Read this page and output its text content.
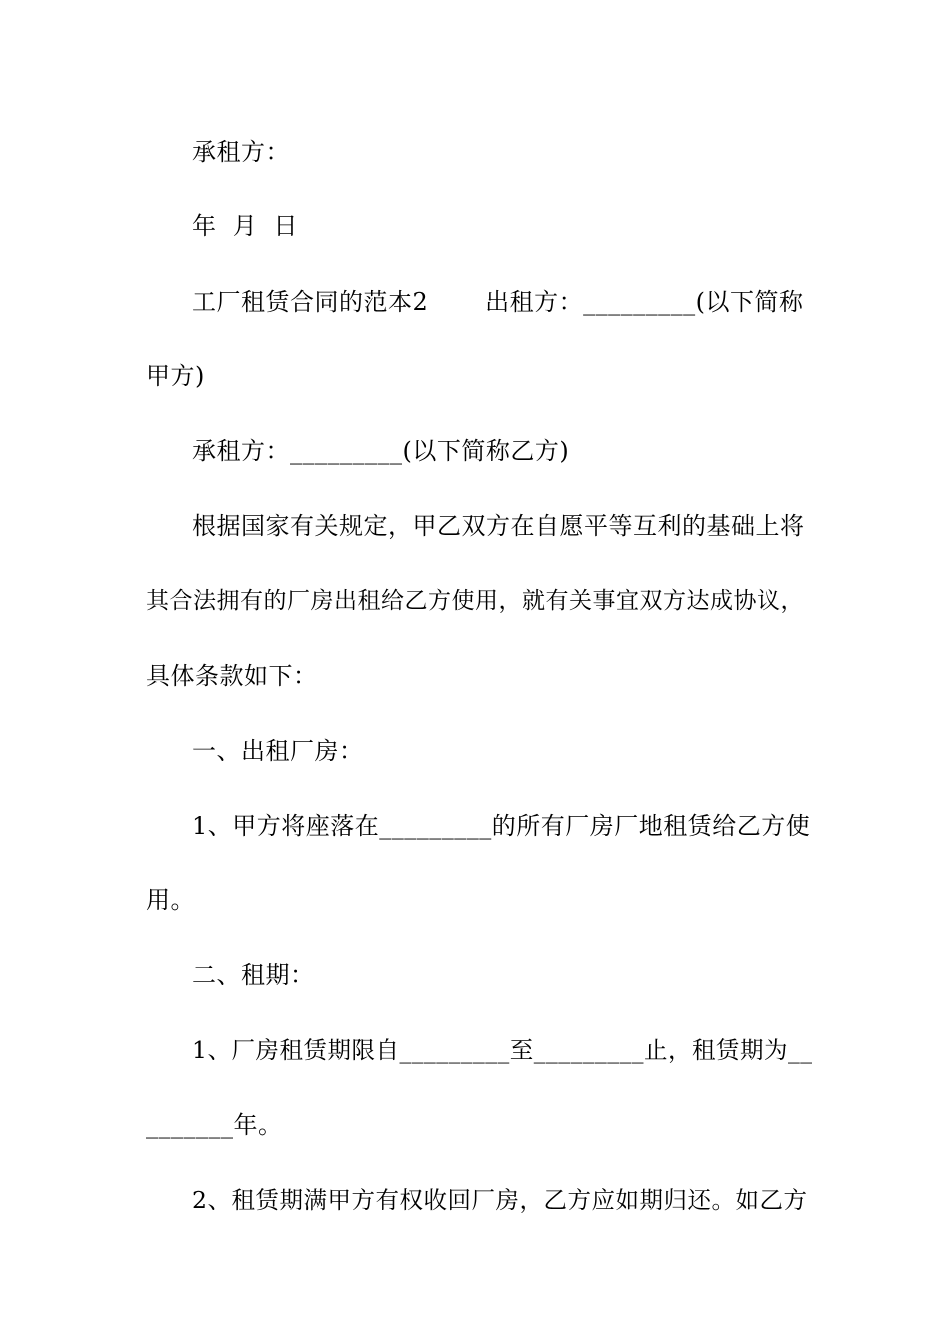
承租方：
年  月  日
工厂租赁合同的范本2       出租方：_________(以下简称
甲方)
承租方：_________(以下简称乙方)
根据国家有关规定，甲乙双方在自愿平等互利的基础上将
其合法拥有的厂房出租给乙方使用，就有关事宜双方达成协议，
具体条款如下：
一、出租厂房：
1、甲方将座落在_________的所有厂房厂地租赁给乙方使
用。
二、租期：
1、厂房租赁期限自_________至_________止，租赁期为__
_______年。
2、租赁期满甲方有权收回厂房，乙方应如期归还。如乙方
